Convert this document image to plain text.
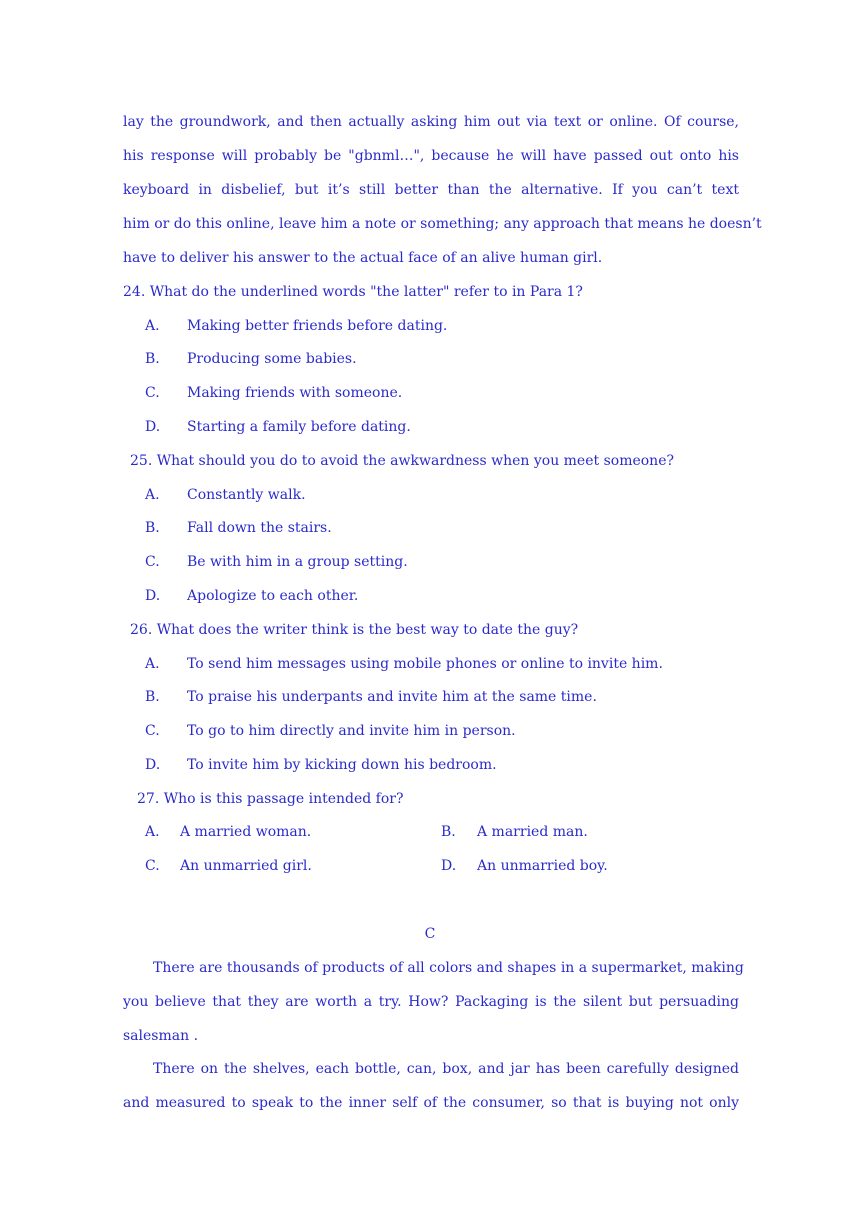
lay the groundwork, and then actually asking him out via text or online. Of course,
his response will probably be "gbnml…", because he will have passed out onto his
keyboard in disbelief, but it’s still better than the alternative. If you can’t text
him or do this online, leave him a note or something; any approach that means he doesn’t
have to deliver his answer to the actual face of an alive human girl.
24. What do the underlined words "the latter" refer to in Para 1?
A. Making better friends before dating.
B. Producing some babies.
C. Making friends with someone.
D. Starting a family before dating.
25. What should you do to avoid the awkwardness when you meet someone?
A. Constantly walk.
B. Fall down the stairs.
C. Be with him in a group setting.
D. Apologize to each other.
26. What does the writer think is the best way to date the guy?
A. To send him messages using mobile phones or online to invite him.
B. To praise his underpants and invite him at the same time.
C. To go to him directly and invite him in person.
D. To invite him by kicking down his bedroom.
27. Who is this passage intended for?
A. A married woman.	B. A married man.
C. An unmarried girl.	D. An unmarried boy.
C
There are thousands of products of all colors and shapes in a supermarket, making
you believe that they are worth a try. How? Packaging is the silent but persuading
salesman .
There on the shelves, each bottle, can, box, and jar has been carefully designed
and measured to speak to the inner self of the consumer, so that is buying not only
